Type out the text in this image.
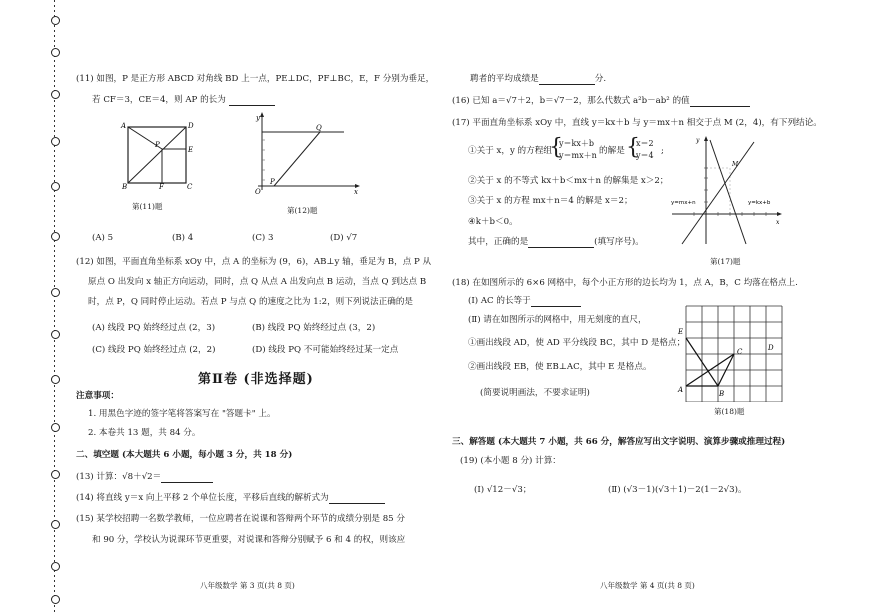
(11) 如图，P 是正方形 ABCD 对角线 BD 上一点，PE⊥DC，PF⊥BC，E，F 分别为垂足，
若 CF＝3，CE＝4，则 AP 的长为
A	D
B	C
P
E
F
第(11)题
y
x
O
P
Q
第(12)题
(A) 5	(B) 4	(C) 3	(D) √7
(12) 如图，平面直角坐标系 xOy 中，点 A 的坐标为 (9，6)，AB⊥y 轴，垂足为 B，点 P 从
原点 O 出发向 x 轴正方向运动，同时，点 Q 从点 A 出发向点 B 运动，当点 Q 到达点 B
时，点 P，Q 同时停止运动。若点 P 与点 Q 的速度之比为 1:2，则下列说法正确的是
(A) 线段 PQ 始终经过点 (2，3)	(B) 线段 PQ 始终经过点 (3，2)
(C) 线段 PQ 始终经过点 (2，2)	(D) 线段 PQ 不可能始终经过某一定点
第Ⅱ卷 (非选择题)
注意事项：
1. 用黑色字迹的签字笔将答案写在 "答题卡" 上。
2. 本卷共 13 题，共 84 分。
二、填空题 (本大题共 6 小题，每小题 3 分，共 18 分)
(13) 计算：√8＋√2＝
(14) 将直线 y＝x 向上平移 2 个单位长度，平移后直线的解析式为
(15) 某学校招聘一名数学教师，一位应聘者在说课和答辩两个环节的成绩分别是 85 分
和 90 分，学校认为说课环节更重要，对说课和答辩分别赋予 6 和 4 的权，则该应
八年级数学 第 3 页(共 8 页)
聘者的平均成绩是	分.
(16) 已知 a＝√7＋2，b＝√7－2，那么代数式 a²b－ab² 的值
(17) 平面直角坐标系 xOy 中，直线 y＝kx＋b 与 y＝mx＋n 相交于点 M (2，4)，有下列结论。
①关于 x，y 的方程组
{
y＝kx＋b
y＝mx＋n 的解是 {
x＝2
y＝4 ;
②关于 x 的不等式 kx＋b＜mx＋n 的解集是 x＞2；
③关于 x 的方程 mx＋n＝4 的解是 x＝2；
④k＋b＜0。
其中，正确的是	(填写序号)。
y=mx+n	y=kx+b
M
y
x
第(17)题
(18) 在如图所示的 6×6 网格中，每个小正方形的边长均为 1，点 A，B，C 均落在格点上.
(Ⅰ) AC 的长等于
(Ⅱ) 请在如图所示的网格中，用无刻度的直尺，
①画出线段 AD，使 AD 平分线段 BC，其中 D 是格点；
②画出线段 EB，使 EB⊥AC，其中 E 是格点。
(简要说明画法，不要求证明)	A	B
C	D
E
第(18)题
三、解答题 (本大题共 7 小题，共 66 分，解答应写出文字说明、演算步骤或推理过程)
(19) (本小题 8 分) 计算：
(Ⅰ) √12－√3；	(Ⅱ) (√3－1)(√3＋1)－2(1－2√3)。
八年级数学 第 4 页(共 8 页)
